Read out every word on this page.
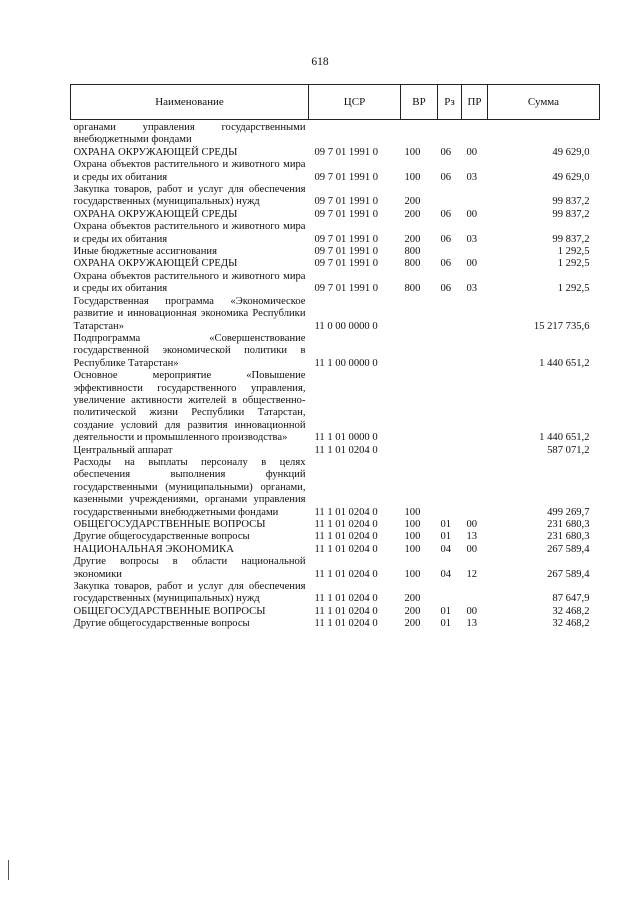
618
Наименование	ЦСР	ВР	Рз	ПР	Сумма
органами управления государственными внебюджетными фондами					
ОХРАНА ОКРУЖАЮЩЕЙ СРЕДЫ	09 7 01 1991 0	100	06	00	49 629,0
Охрана объектов растительного и животного мира и среды их обитания	09 7 01 1991 0	100	06	03	49 629,0
Закупка товаров, работ и услуг для обеспечения государственных (муниципальных) нужд	09 7 01 1991 0	200			99 837,2
ОХРАНА ОКРУЖАЮЩЕЙ СРЕДЫ	09 7 01 1991 0	200	06	00	99 837,2
Охрана объектов растительного и животного мира и среды их обитания	09 7 01 1991 0	200	06	03	99 837,2
Иные бюджетные ассигнования	09 7 01 1991 0	800			1 292,5
ОХРАНА ОКРУЖАЮЩЕЙ СРЕДЫ	09 7 01 1991 0	800	06	00	1 292,5
Охрана объектов растительного и животного мира и среды их обитания	09 7 01 1991 0	800	06	03	1 292,5
Государственная программа «Экономическое развитие и инновационная экономика Республики Татарстан»	11 0 00 0000 0				15 217 735,6
Подпрограмма «Совершенствование государственной экономической политики в Республике Татарстан»	11 1 00 0000 0				1 440 651,2
Основное мероприятие «Повышение эффективности государственного управления, увеличение активности жителей в общественно-политической жизни Республики Татарстан, создание условий для развития инновационной деятельности и промышленного производства»	11 1 01 0000 0				1 440 651,2
Центральный аппарат	11 1 01 0204 0				587 071,2
Расходы на выплаты персоналу в целях обеспечения выполнения функций государственными (муниципальными) органами, казенными учреждениями, органами управления государственными внебюджетными фондами	11 1 01 0204 0	100			499 269,7
ОБЩЕГОСУДАРСТВЕННЫЕ ВОПРОСЫ	11 1 01 0204 0	100	01	00	231 680,3
Другие общегосударственные вопросы	11 1 01 0204 0	100	01	13	231 680,3
НАЦИОНАЛЬНАЯ ЭКОНОМИКА	11 1 01 0204 0	100	04	00	267 589,4
Другие вопросы в области национальной экономики	11 1 01 0204 0	100	04	12	267 589,4
Закупка товаров, работ и услуг для обеспечения государственных (муниципальных) нужд	11 1 01 0204 0	200			87 647,9
ОБЩЕГОСУДАРСТВЕННЫЕ ВОПРОСЫ	11 1 01 0204 0	200	01	00	32 468,2
Другие общегосударственные вопросы	11 1 01 0204 0	200	01	13	32 468,2
